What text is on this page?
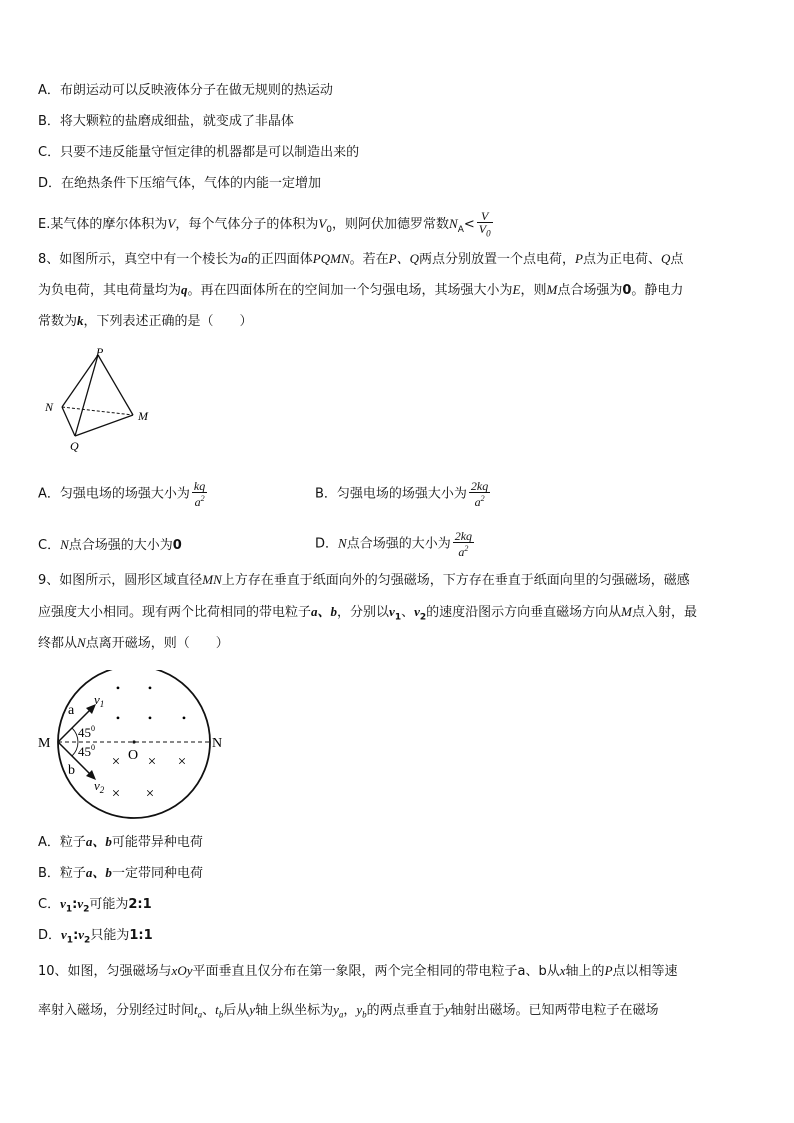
A．布朗运动可以反映液体分子在做无规则的热运动
B．将大颗粒的盐磨成细盐，就变成了非晶体
C．只要不违反能量守恒定律的机器都是可以制造出来的
D．在绝热条件下压缩气体，气体的内能一定增加
E.某气体的摩尔体积为V，每个气体分子的体积为$V_0$，则阿伏加德罗常数$N_A< \frac{V}{V_0}$
8、如图所示，真空中有一个棱长为a的正四面体PQMN。若在P、Q两点分别放置一个点电荷，P点为正电荷、Q点
为负电荷，其电荷量均为q。再在四面体所在的空间加一个匀强电场，其场强大小为E，则M点合场强为0。静电力
常数为k，下列表述正确的是（　　）
P
N
M
Q
A．匀强电场的场强大小为 $\frac{kq}{a^2}$	B．匀强电场的场强大小为 $\frac{2kq}{a^2}$
C．N点合场强的大小为0	D．N点合场强的大小为 $\frac{2kq}{a^2}$
9、如图所示，圆形区域直径MN上方存在垂直于纸面向外的匀强磁场，下方存在垂直于纸面向里的匀强磁场，磁感
应强度大小相同。现有两个比荷相同的带电粒子a、b，分别以$v_1$、$v_2$的速度沿图示方向垂直磁场方向从M点入射，最
终都从N点离开磁场，则（　　）
• •
• • •
× × ×
× ×
M	N
O
a
b
$v_1$
$v_2$
$45^0$
$45^0$
A．粒子a、b可能带异种电荷
B．粒子a、b一定带同种电荷
C．$v_1:v_2$可能为2:1
D．$v_1:v_2$只能为1:1
10、如图，匀强磁场与xOy平面垂直且仅分布在第一象限，两个完全相同的带电粒子a、b从x轴上的P点以相等速
率射入磁场，分别经过时间$t_a$、$t_b$后从y轴上纵坐标为$y_a$，$y_b$的两点垂直于y轴射出磁场。已知两带电粒子在磁场
